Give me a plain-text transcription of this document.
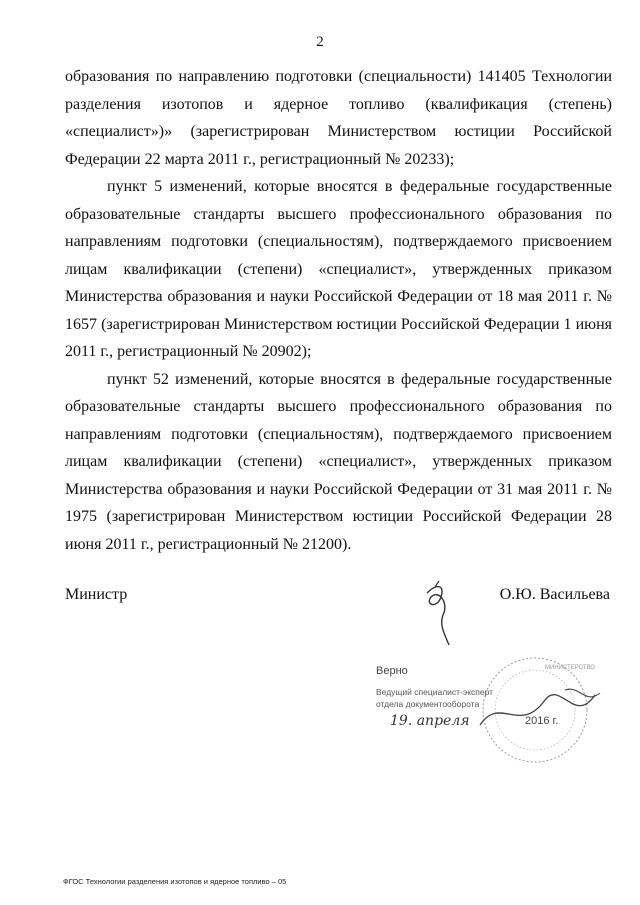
2

образования по направлению подготовки (специальности) 141405 Технологии разделения изотопов и ядерное топливо (квалификация (степень) «специалист»)» (зарегистрирован Министерством юстиции Российской Федерации 22 марта 2011 г., регистрационный № 20233);

пункт 5 изменений, которые вносятся в федеральные государственные образовательные стандарты высшего профессионального образования по направлениям подготовки (специальностям), подтверждаемого присвоением лицам квалификации (степени) «специалист», утвержденных приказом Министерства образования и науки Российской Федерации от 18 мая 2011 г. № 1657 (зарегистрирован Министерством юстиции Российской Федерации 1 июня 2011 г., регистрационный № 20902);

пункт 52 изменений, которые вносятся в федеральные государственные образовательные стандарты высшего профессионального образования по направлениям подготовки (специальностям), подтверждаемого присвоением лицам квалификации (степени) «специалист», утвержденных приказом Министерства образования и науки Российской Федерации от 31 мая 2011 г. № 1975 (зарегистрирован Министерством юстиции Российской Федерации 28 июня 2011 г., регистрационный № 21200).

Министр	О.Ю. Васильева
МИНИСТЕРСТВО
Верно
Ведущий специалист-эксперт
отдела документооборота
19. апреля	2016 г.
ФГОС Технологии разделения изотопов и ядерное топливо – 05
